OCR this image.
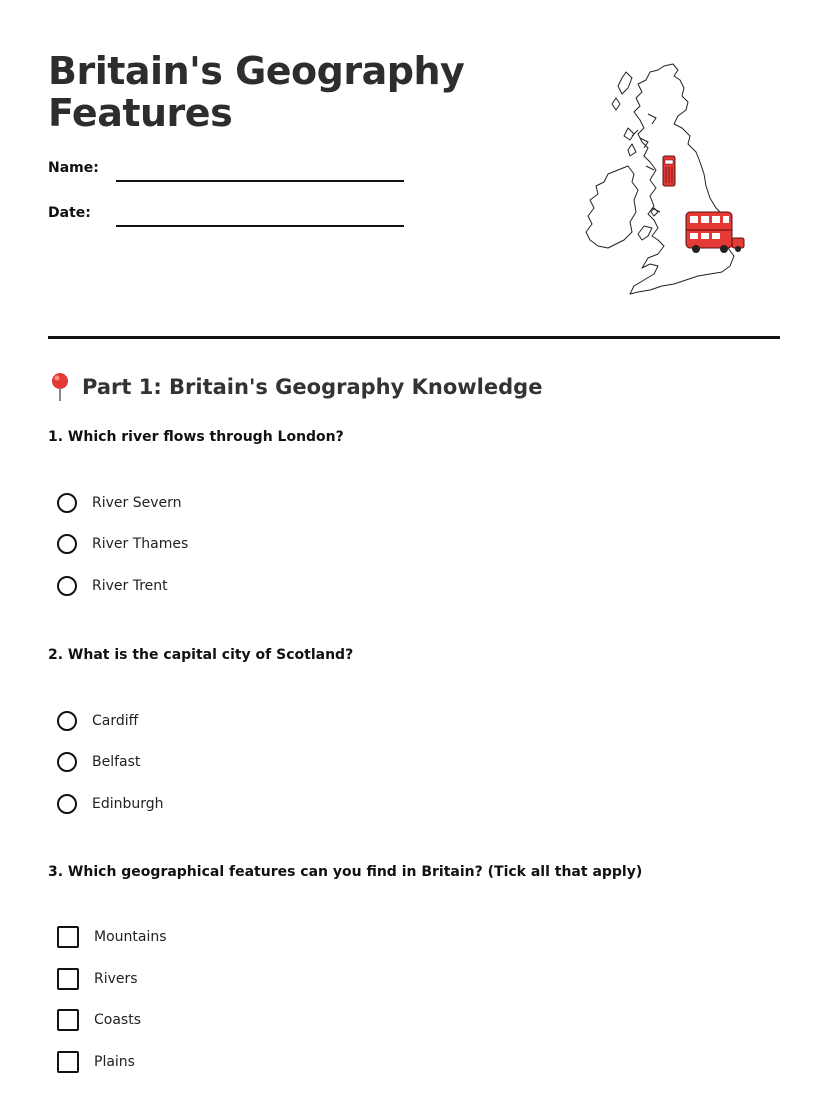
Britain's Geography
Features
Name:
Date:
Part 1: Britain's Geography Knowledge
1. Which river flows through London?
River Severn
River Thames
River Trent
2. What is the capital city of Scotland?
Cardiff
Belfast
Edinburgh
3. Which geographical features can you find in Britain? (Tick all that apply)
Mountains
Rivers
Coasts
Plains
